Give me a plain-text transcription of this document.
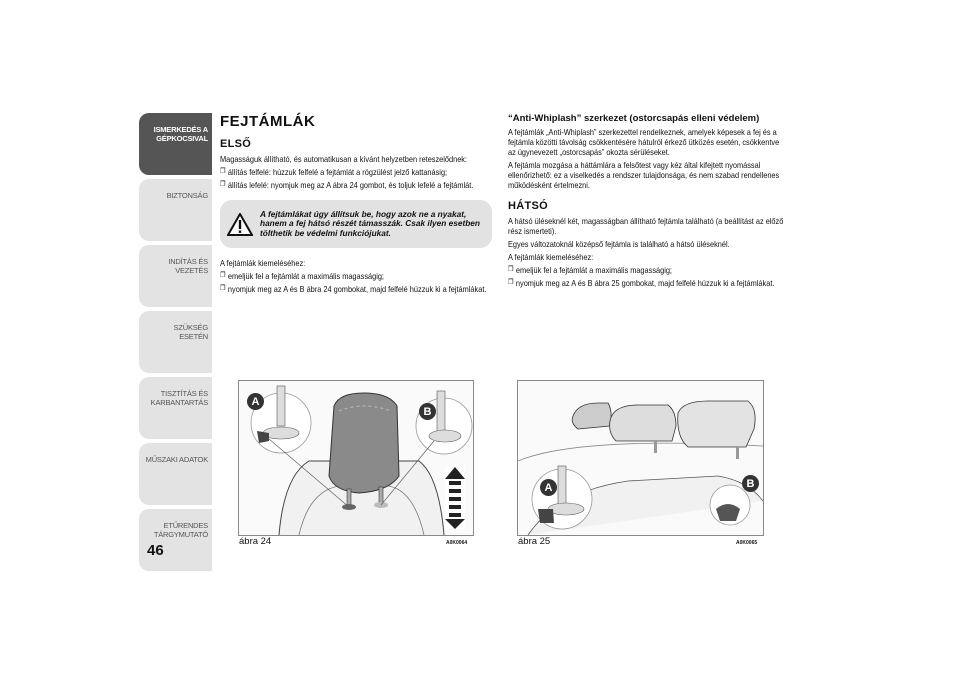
ISMERKEDÉS A GÉPKOCSIVAL
BIZTONSÁG
INDÍTÁS ÉS VEZETÉS
SZÜKSÉG ESETÉN
TISZTÍTÁS ÉS KARBANTARTÁS
MŰSZAKI ADATOK
ETŰRENDES TÁRGYMUTATÓ
46
FEJTÁMLÁK
ELSŐ

Magasságuk állítható, és automatikusan a kívánt helyzetben reteszelődnek:

❐ állítás felfelé: húzzuk felfelé a fejtámlát a rögzülést jelző kattanásig;

❐ állítás lefelé: nyomjuk meg az A ábra 24 gombot, és toljuk lefelé a fejtámlát.

A fejtámlákat úgy állítsuk be, hogy azok ne a nyakat, hanem a fej hátsó részét támasszák. Csak ilyen esetben tölthetik be védelmi funkciójukat.

A fejtámlák kiemeléséhez:

❐ emeljük fel a fejtámlát a maximális magasságig;

❐ nyomjuk meg az A és B ábra 24 gombokat, majd felfelé húzzuk ki a fejtámlákat.

A
B
ábra 24	A0K0064
“Anti-Whiplash” szerkezet (ostorcsapás elleni védelem)

A fejtámlák „Anti-Whiplash” szerkezettel rendelkeznek, amelyek képesek a fej és a fejtámla közötti távolság csökkentésére hátulról érkező ütközés esetén, csökkentve az úgynevezett „ostorcsapás” okozta sérüléseket.

A fejtámla mozgása a háttámlára a felsőtest vagy kéz által kifejtett nyomással ellenőrizhető: ez a viselkedés a rendszer tulajdonsága, és nem szabad rendellenes működésként értelmezni.

HÁTSÓ

A hátsó üléseknél két, magasságban állítható fejtámla található (a beállítást az előző rész ismerteti).

Egyes változatoknál középső fejtámla is található a hátsó üléseknél.

A fejtámlák kiemeléséhez:

❐ emeljük fel a fejtámlát a maximális magasságig;

❐ nyomjuk meg az A és B ábra 25 gombokat, majd felfelé húzzuk ki a fejtámlákat.

A	B
ábra 25	A0K0065
